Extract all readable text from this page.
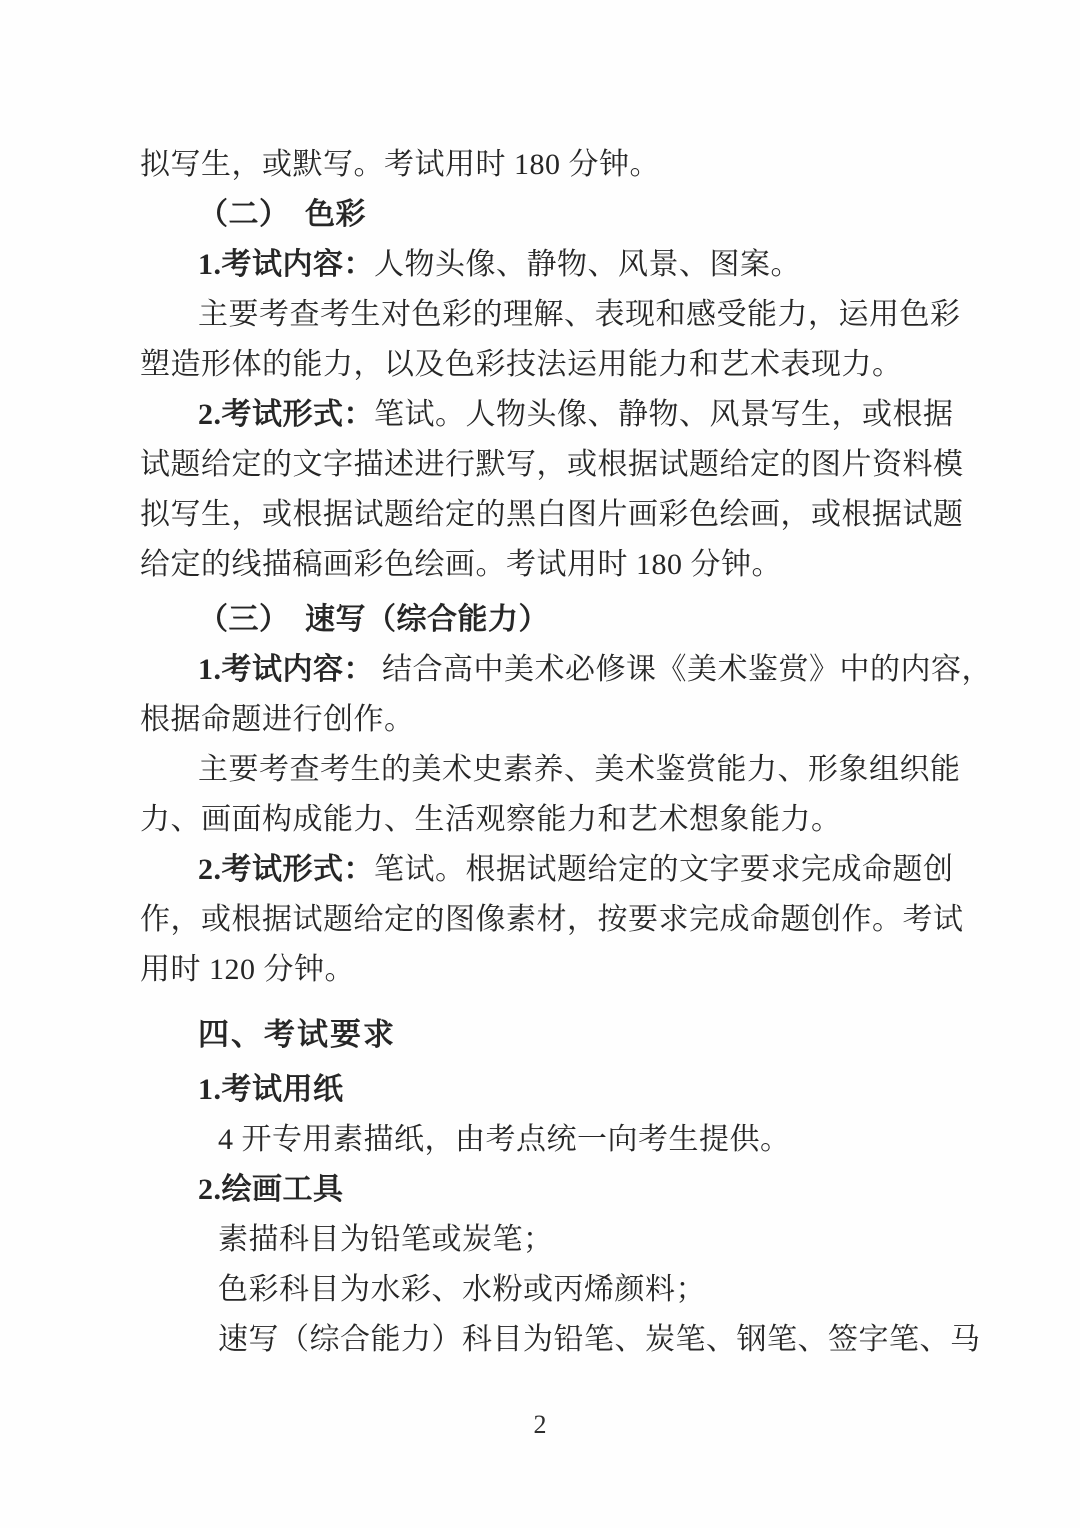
拟写生，或默写。考试用时 180 分钟。
（二）　色彩
1.考试内容：人物头像、静物、风景、图案。
主要考查考生对色彩的理解、表现和感受能力，运用色彩
塑造形体的能力，以及色彩技法运用能力和艺术表现力。
2.考试形式：笔试。人物头像、静物、风景写生，或根据
试题给定的文字描述进行默写，或根据试题给定的图片资料模
拟写生，或根据试题给定的黑白图片画彩色绘画，或根据试题
给定的线描稿画彩色绘画。考试用时 180 分钟。
（三）　速写（综合能力）
1.考试内容： 结合高中美术必修课《美术鉴赏》中的内容，
根据命题进行创作。
主要考查考生的美术史素养、美术鉴赏能力、形象组织能
力、画面构成能力、生活观察能力和艺术想象能力。
2.考试形式：笔试。根据试题给定的文字要求完成命题创
作，或根据试题给定的图像素材，按要求完成命题创作。考试
用时 120 分钟。
四、考试要求
1.考试用纸
4 开专用素描纸，由考点统一向考生提供。
2.绘画工具
素描科目为铅笔或炭笔；
色彩科目为水彩、水粉或丙烯颜料；
速写（综合能力）科目为铅笔、炭笔、钢笔、签字笔、马
2
